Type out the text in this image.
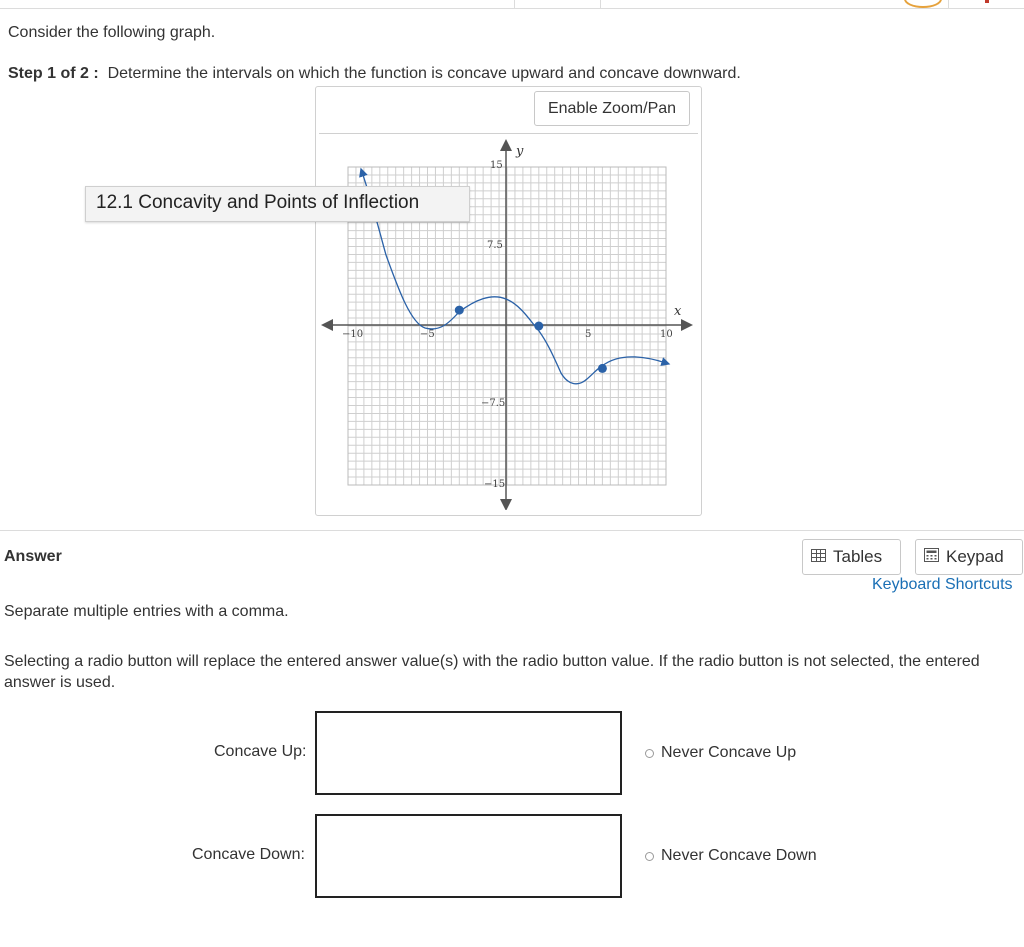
Consider the following graph.
Step 1 of 2 : Determine the intervals on which the function is concave upward and concave downward.
Enable Zoom/Pan
x
y
−10	−5	5	10
15
7.5
−7.5
−15
12.1 Concavity and Points of Inflection
Answer	Tables	Keypad
Keyboard Shortcuts
Separate multiple entries with a comma.
Selecting a radio button will replace the entered answer value(s) with the radio button value. If the radio button is not selected, the entered answer is used.
Concave Up:	Never Concave Up
Concave Down:	Never Concave Down
